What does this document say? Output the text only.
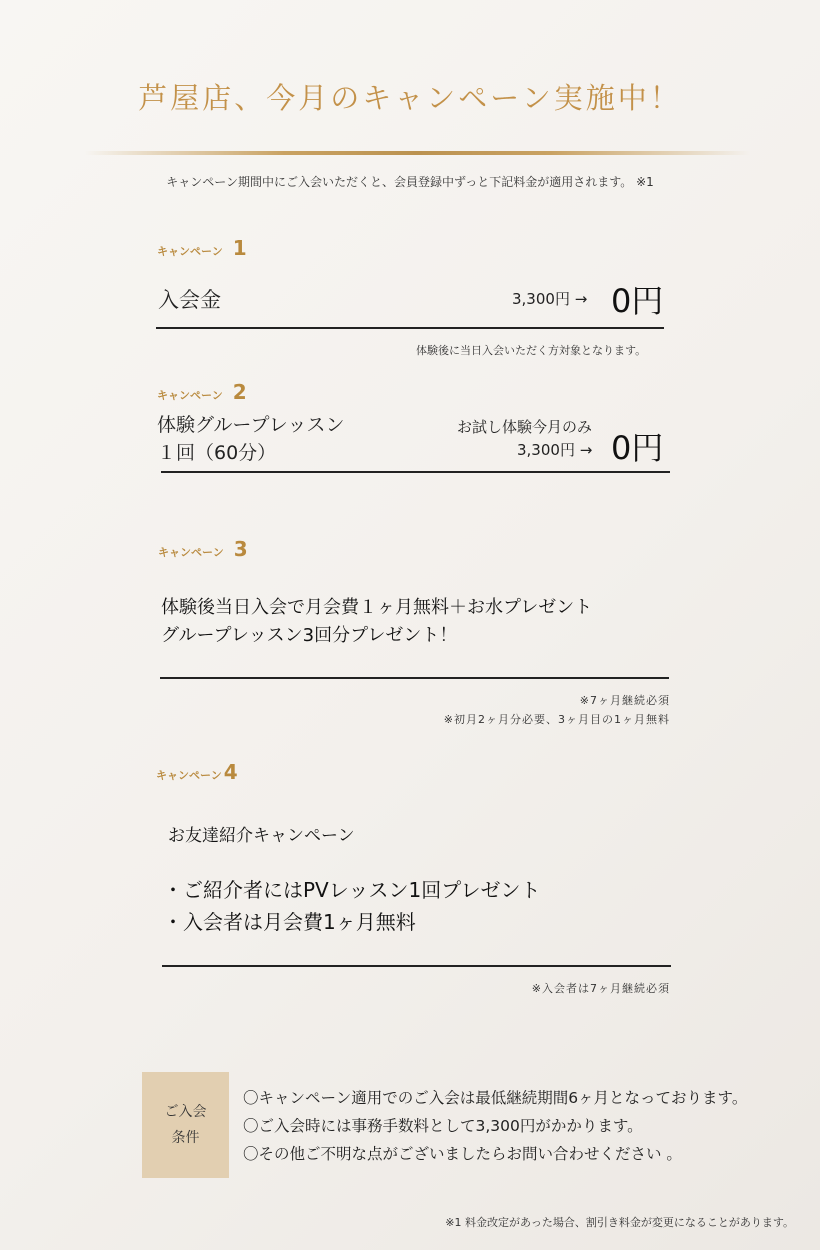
芦屋店、今月のキャンペーン実施中！
キャンペーン期間中にご入会いただくと、会員登録中ずっと下記料金が適用されます。 ※1
キャンペーン 1
入会金	3,300円 → 0円
体験後に当日入会いただく方対象となります。
キャンペーン 2
体験グループレッスン
１回（60分）
お試し体験今月のみ
3,300円 → 0円
キャンペーン 3
体験後当日入会で月会費１ヶ月無料＋お水プレゼント
グループレッスン3回分プレゼント！
※7ヶ月継続必須
※初月2ヶ月分必要、3ヶ月目の1ヶ月無料
キャンペーン 4
お友達紹介キャンペーン
・ご紹介者にはPVレッスン1回プレゼント
・入会者は月会費1ヶ月無料
※入会者は7ヶ月継続必須
ご入会
条件
〇キャンペーン適用でのご入会は最低継続期間6ヶ月となっております。
〇ご入会時には事務手数料として3,300円がかかります。
〇その他ご不明な点がございましたらお問い合わせください 。
※1 料金改定があった場合、割引き料金が変更になることがあります。
